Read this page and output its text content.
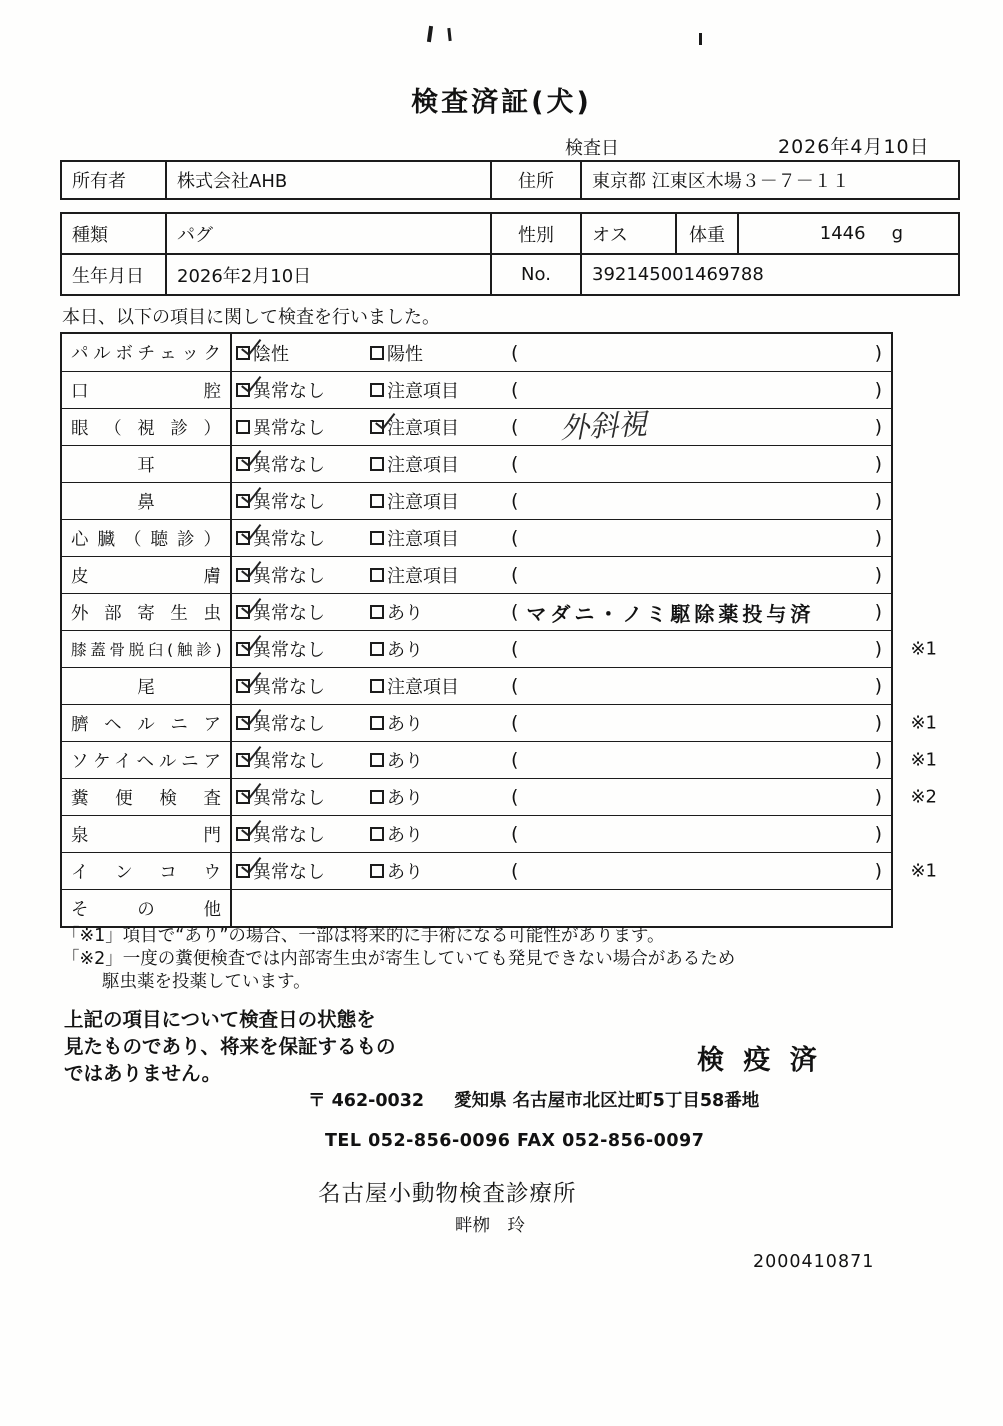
検査済証(犬)
検査日	2026年4月10日
所有者	株式会社AHB	住所	東京都 江東区木場３－７－１１
種類	パグ	性別	オス	体重	1446 g
生年月日	2026年2月10日	No.	392145001469788
本日、以下の項目に関して検査を行いました。
パルボチェック 陰性	陽性	(	)
口腔 異常なし	注意項目	(	)
眼（視診） 異常なし	注意項目	( 外斜視	)
耳	異常なし	注意項目	(	)
鼻	異常なし	注意項目	(	)
心臓（聴診） 異常なし	注意項目	(	)
皮膚 異常なし	注意項目	(	)
外部寄生虫 異常なし	あり	( マダニ・ノミ駆除薬投与済	)
膝蓋骨脱臼(触診) 異常なし	あり	(	) ※1
尾	異常なし	注意項目	(	)
臍ヘルニア 異常なし	あり	(	) ※1
ソケイヘルニア 異常なし	あり	(	) ※1
糞便検査 異常なし	あり	(	) ※2
泉門 異常なし	あり	(	)
インコウ 異常なし	あり	(	) ※1
その他
「※1」項目で“あり”の場合、一部は将来的に手術になる可能性があります。
「※2」一度の糞便検査では内部寄生虫が寄生していても発見できない場合があるため
駆虫薬を投薬しています。
上記の項目について検査日の状態を
見たものであり、将来を保証するもの
ではありません。	検 疫 済
〒 462-0032 愛知県 名古屋市北区辻町5丁目58番地
TEL 052-856-0096 FAX 052-856-0097
名古屋小動物検査診療所
畔栁　玲
2000410871
